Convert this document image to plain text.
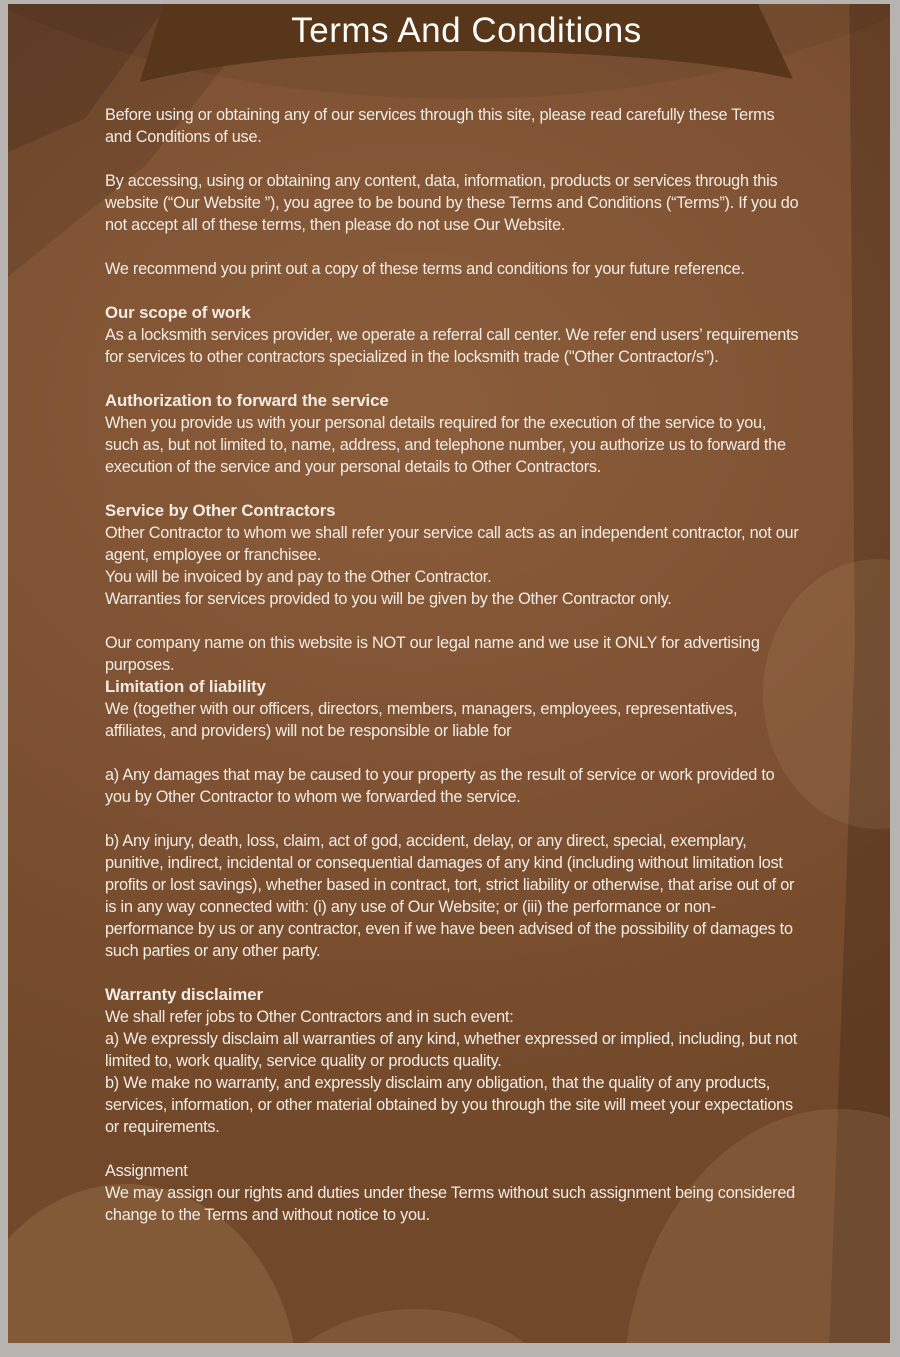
Terms And Conditions

Before using or obtaining any of our services through this site, please read carefully these Terms and Conditions of use.

By accessing, using or obtaining any content, data, information, products or services through this website (“Our Website ”), you agree to be bound by these Terms and Conditions (“Terms”). If you do not accept all of these terms, then please do not use Our Website.

We recommend you print out a copy of these terms and conditions for your future reference.

Our scope of work

As a locksmith services provider, we operate a referral call center. We refer end users’ requirements for services to other contractors specialized in the locksmith trade ("Other Contractor/s”).

Authorization to forward the service

When you provide us with your personal details required for the execution of the service to you, such as, but not limited to, name, address, and telephone number, you authorize us to forward the execution of the service and your personal details to Other Contractors.

Service by Other Contractors

Other Contractor to whom we shall refer your service call acts as an independent contractor, not our agent, employee or franchisee.
You will be invoiced by and pay to the Other Contractor.
Warranties for services provided to you will be given by the Other Contractor only.

Our company name on this website is NOT our legal name and we use it ONLY for advertising purposes.

Limitation of liability

We (together with our officers, directors, members, managers, employees, representatives, affiliates, and providers) will not be responsible or liable for

a) Any damages that may be caused to your property as the result of service or work provided to you by Other Contractor to whom we forwarded the service.

b) Any injury, death, loss, claim, act of god, accident, delay, or any direct, special, exemplary, punitive, indirect, incidental or consequential damages of any kind (including without limitation lost profits or lost savings), whether based in contract, tort, strict liability or otherwise, that arise out of or is in any way connected with: (i) any use of Our Website; or (iii) the performance or non-performance by us or any contractor, even if we have been advised of the possibility of damages to such parties or any other party.

Warranty disclaimer

We shall refer jobs to Other Contractors and in such event:
a) We expressly disclaim all warranties of any kind, whether expressed or implied, including, but not limited to, work quality, service quality or products quality.
b) We make no warranty, and expressly disclaim any obligation, that the quality of any products, services, information, or other material obtained by you through the site will meet your expectations or requirements.

Assignment

We may assign our rights and duties under these Terms without such assignment being considered change to the Terms and without notice to you.
